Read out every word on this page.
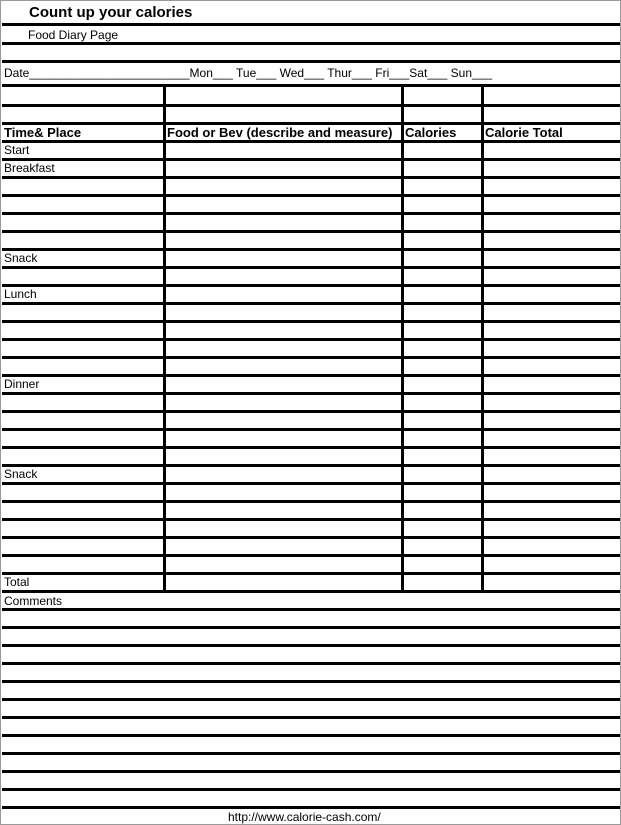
Count up your calories
Food Diary Page
Date________________________Mon___ Tue___ Wed___ Thur___ Fri___Sat___ Sun___
Time& Place	Food or Bev (describe and measure) Calories Calorie Total
Start
Breakfast
Snack
Lunch
Dinner
Snack
Total
Comments
http://www.calorie-cash.com/
